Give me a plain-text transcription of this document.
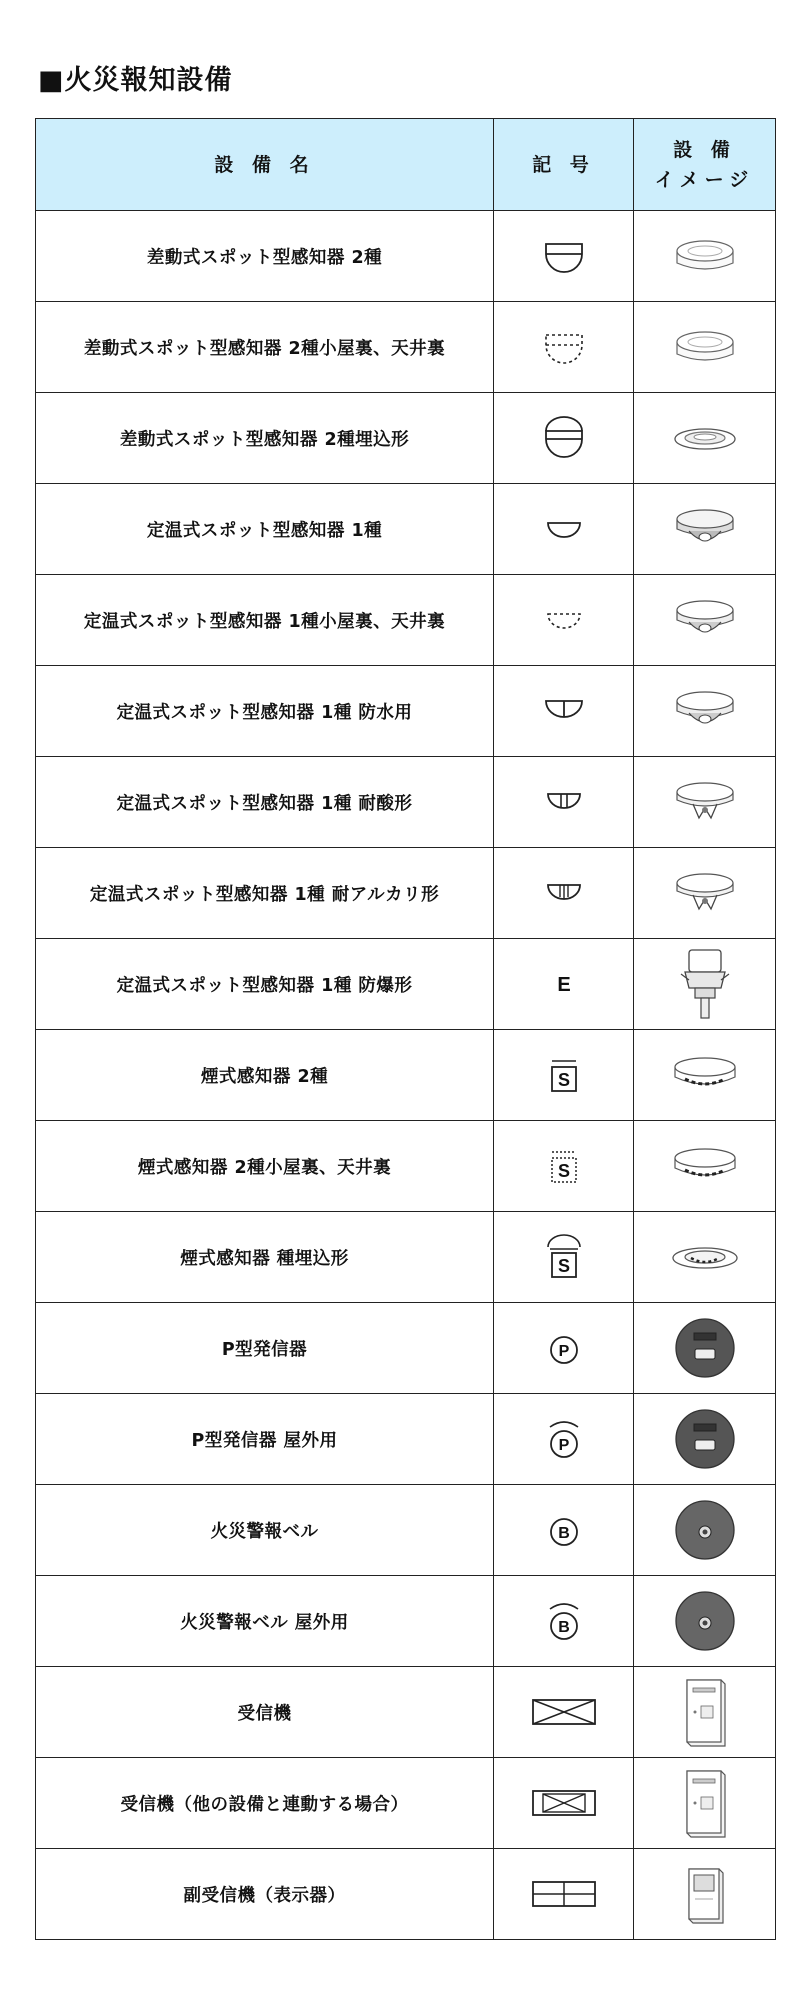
■火災報知設備
設 備 名	記 号	設 備
イメージ

差動式スポット型感知器 2種	

差動式スポット型感知器 2種小屋裏、天井裏	

差動式スポット型感知器 2種埋込形	

定温式スポット型感知器 1種	

定温式スポット型感知器 1種小屋裏、天井裏	

定温式スポット型感知器 1種 防水用	

定温式スポット型感知器 1種 耐酸形	

定温式スポット型感知器 1種 耐アルカリ形	

定温式スポット型感知器 1種 防爆形	E

煙式感知器 2種	S

煙式感知器 2種小屋裏、天井裏	S

煙式感知器 種埋込形	S

P型発信器	P

P型発信器 屋外用	P

火災警報ベル	B

火災警報ベル 屋外用	B

受信機	

受信機（他の設備と連動する場合）	

副受信機（表示器）	
